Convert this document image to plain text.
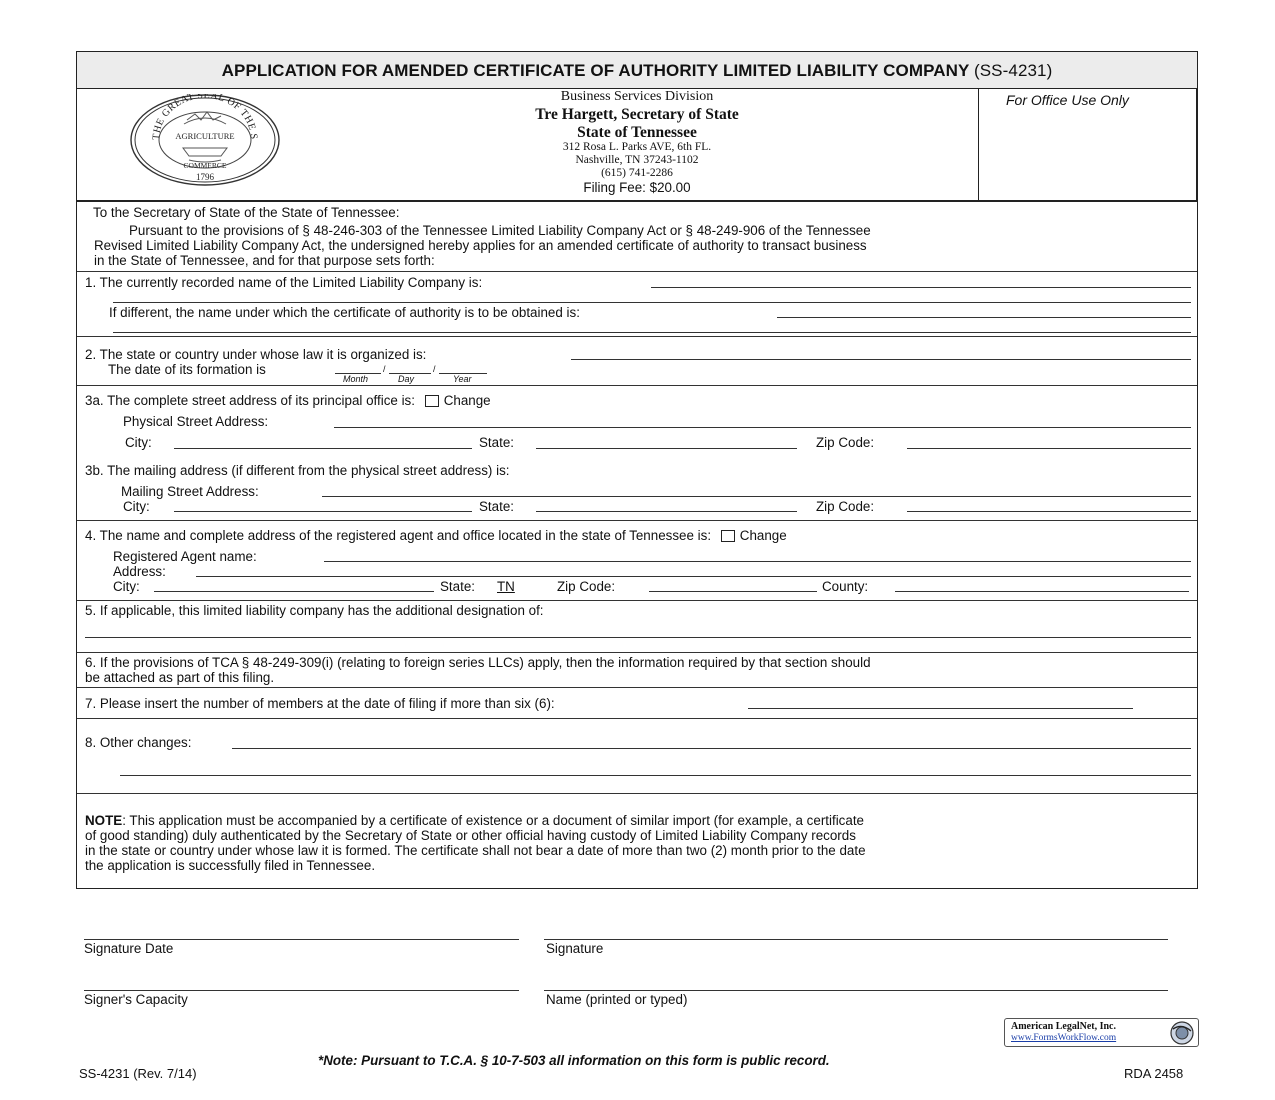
APPLICATION FOR AMENDED CERTIFICATE OF AUTHORITY LIMITED LIABILITY COMPANY (SS-4231)
THE GREAT SEAL OF THE S
AGRICULTURE
COMMERCE
1796
Business Services Division
Tre Hargett, Secretary of State
State of Tennessee
312 Rosa L. Parks AVE, 6th FL.
Nashville, TN 37243-1102
(615) 741-2286
Filing Fee: $20.00
For Office Use Only
To the Secretary of State of the State of Tennessee:
Pursuant to the provisions of § 48-246-303 of the Tennessee Limited Liability Company Act or § 48-249-906 of the Tennessee
Revised Limited Liability Company Act, the undersigned hereby applies for an amended certificate of authority to transact business
in the State of Tennessee, and for that purpose sets forth:
1. The currently recorded name of the Limited Liability Company is:
If different, the name under which the certificate of authority is to be obtained is:
2. The state or country under whose law it is organized is:
The date of its formation is	/	/
Month	Day	Year
3a. The complete street address of its principal office is: Change
Physical Street Address:
City:	State:	Zip Code:
3b. The mailing address (if different from the physical street address) is:
Mailing Street Address:
City:	State:	Zip Code:
4. The name and complete address of the registered agent and office located in the state of Tennessee is: Change
Registered Agent name:
Address:
City:	State: TN	Zip Code:	County:
5. If applicable, this limited liability company has the additional designation of:
6. If the provisions of TCA § 48-249-309(i) (relating to foreign series LLCs) apply, then the information required by that section should
be attached as part of this filing.
7. Please insert the number of members at the date of filing if more than six (6):
8. Other changes:
NOTE: This application must be accompanied by a certificate of existence or a document of similar import (for example, a certificate
of good standing) duly authenticated by the Secretary of State or other official having custody of Limited Liability Company records
in the state or country under whose law it is formed. The certificate shall not bear a date of more than two (2) month prior to the date
the application is successfully filed in Tennessee.
Signature Date	Signature
Signer's Capacity	Name (printed or typed)
American LegalNet, Inc.
www.FormsWorkFlow.com
*Note: Pursuant to T.C.A. § 10-7-503 all information on this form is public record.
SS-4231 (Rev. 7/14)	RDA 2458
